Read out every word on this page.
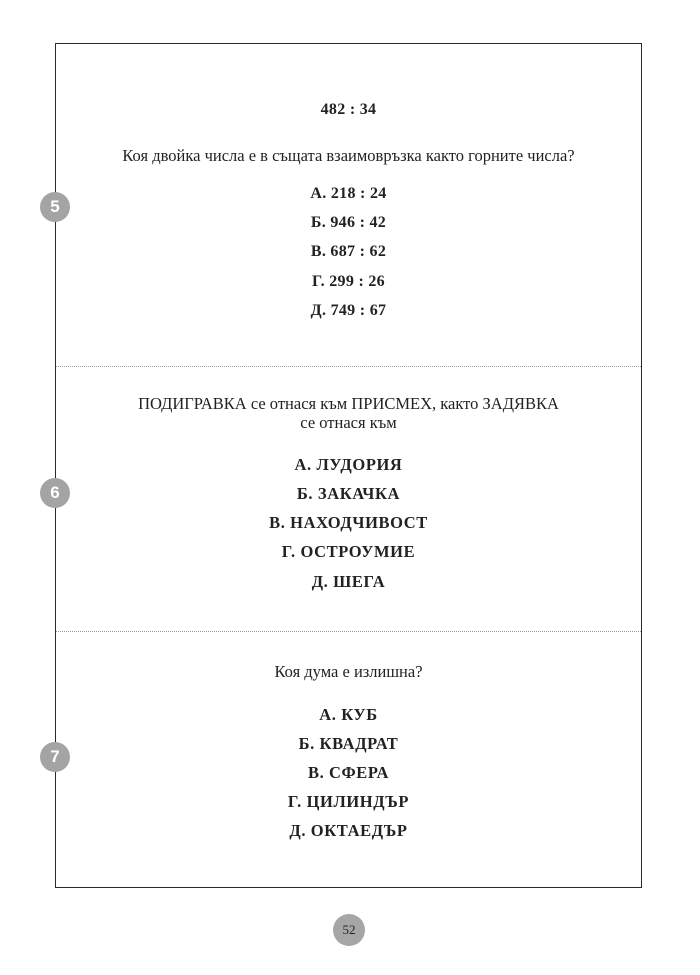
5
482 : 34
Коя двойка числа е в същата взаимовръзка както горните числа?
А. 218 : 24
Б. 946 : 42
В. 687 : 62
Г. 299 : 26
Д. 749 : 67
6
ПОДИГРАВКА се отнася към ПРИСМЕХ, както ЗАДЯВКА
се отнася към
А. ЛУДОРИЯ
Б. ЗАКАЧКА
В. НАХОДЧИВОСТ
Г. ОСТРОУМИЕ
Д. ШЕГА
7
Коя дума е излишна?
А. КУБ
Б. КВАДРАТ
В. СФЕРА
Г. ЦИЛИНДЪР
Д. ОКТАЕДЪР
52
